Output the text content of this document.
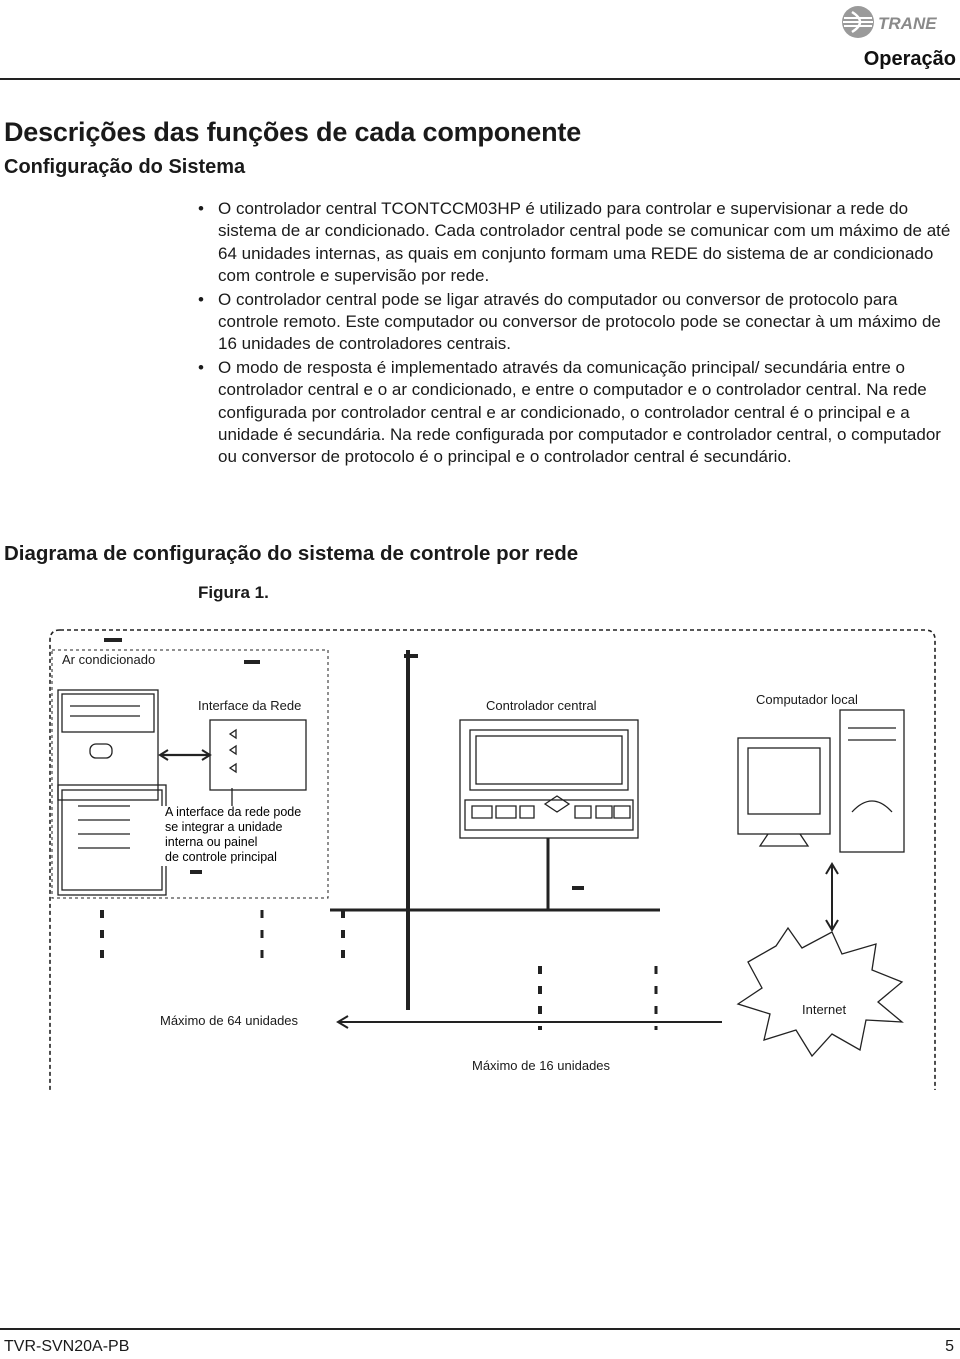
TRANE
Operação
Descrições das funções de cada componente
Configuração do Sistema
• O controlador central TCONTCCM03HP é utilizado para controlar e supervisionar a rede do sistema de ar condicionado. Cada controlador central pode se comunicar com um máximo de até 64 unidades internas, as quais em conjunto formam uma REDE do sistema de ar condicionado com controle e supervisão por rede.
• O controlador central pode se ligar através do computador ou conversor de protocolo para controle remoto. Este computador ou conversor de protocolo pode se conectar à um máximo de 16 unidades de controladores centrais.
• O modo de resposta é implementado através da comunicação principal/ secundária entre o controlador central e o ar condicionado, e entre o computador e o controlador central. Na rede configurada por controlador central e ar condicionado, o controlador central é o principal e a unidade é secundária. Na rede configurada por computador e controlador central, o computador ou conversor de protocolo é o principal e o controlador central é secundário.
Diagrama de configuração do sistema de controle por rede
Figura 1.
Ar condicionado
Interface da Rede	Controlador central	Computador local
A interface da rede pode
se integrar a unidade
interna ou painel
de controle principal
Máximo de 64 unidades
Máximo de 16 unidades
Internet
TVR-SVN20A-PB	5
